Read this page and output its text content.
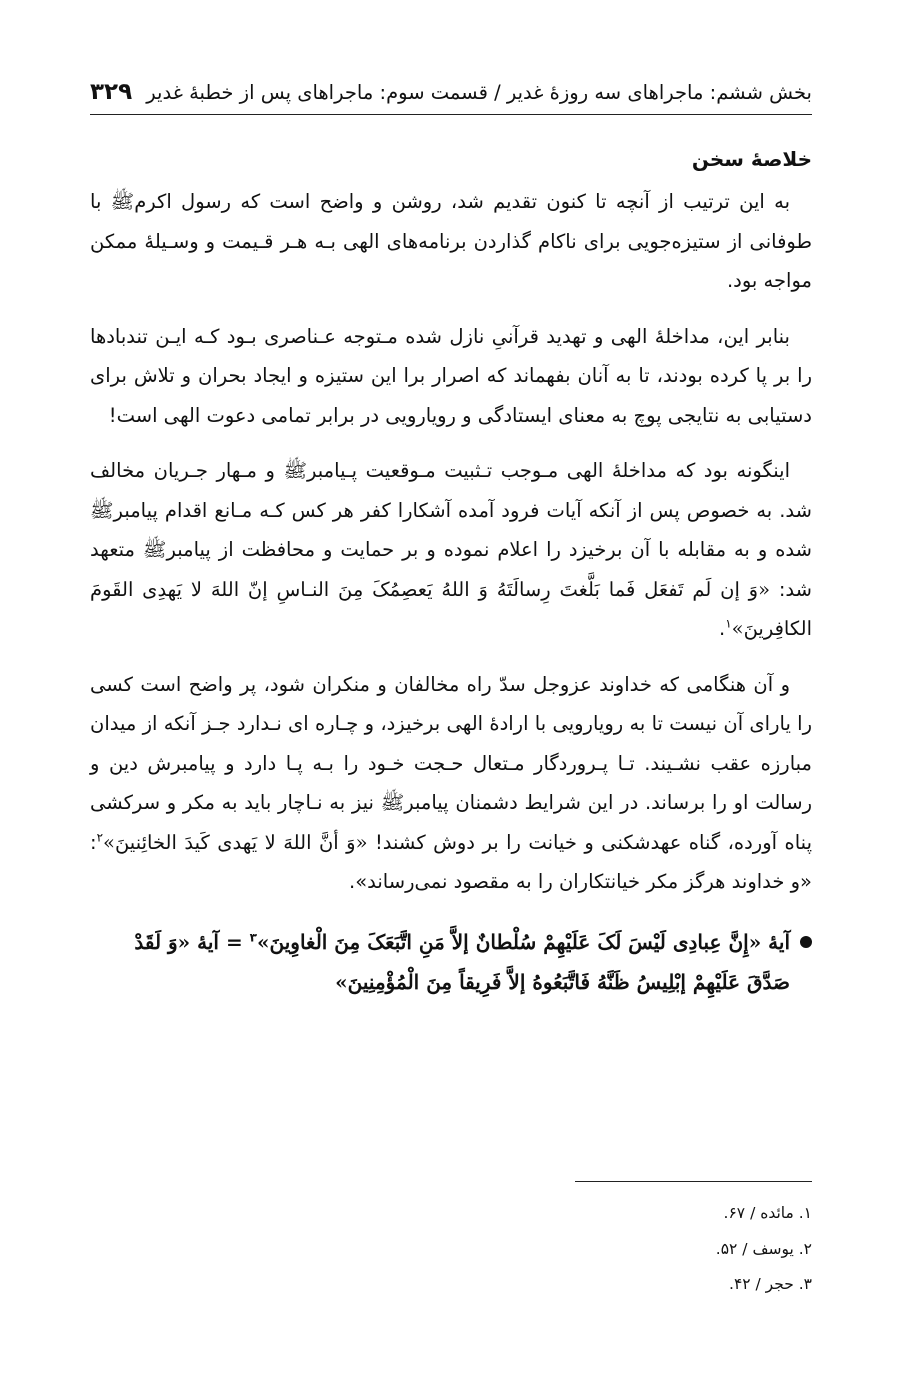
بخش ششم: ماجراهای سه روزهٔ غدیر / قسمت سوم: ماجراهای پس از خطبهٔ غدیر
۳۲۹
خلاصهٔ سخن

به این ترتیب از آنچه تا کنون تقدیم شد، روشن و واضح است که رسول اکرمﷺ با طوفانی از ستیزه‌جویی برای ناکام گذاردن برنامه‌های الهی بـه هـر قـیمت و وسـیلهٔ ممکن مواجه بود.

بنابر این، مداخلهٔ الهی و تهدید قرآنیِ نازل شده مـتوجه عـناصری بـود کـه ایـن تندبادها را بر پا کرده بودند، تا به آنان بفهماند که اصرار برا این ستیزه و ایجاد بحران و تلاش برای دستیابی به نتایجی پوچ به معنای ایستادگی و رویارویی در برابر تمامی دعوت الهی است!

اینگونه بود که مداخلهٔ الهی مـوجب تـثبیت مـوقعیت پـیامبرﷺ و مـهار جـریان مخالف شد. به خصوص پس از آنکه آیات فرود آمده آشکارا کفر هر کس کـه مـانع اقدام پیامبرﷺ شده و به مقابله با آن برخیزد را اعلام نموده و بر حمایت و محافظت از پیامبرﷺ متعهد شد: «وَ إن لَم تَفعَل فَما بَلَّغتَ رِسالَتَهُ وَ اللهُ یَعصِمُکَ مِنَ النـاسِ إنّ اللهَ لا یَهدِی القَومَ الکافِرینَ»$^۱$.

و آن هنگامی که خداوند عزوجل سدّ راه مخالفان و منکران شود، پر واضح است کسی را یارای آن نیست تا به رویارویی با ارادهٔ الهی برخیزد، و چـاره ای نـدارد جـز آنکه از میدان مبارزه عقب نشـیند. تـا پـروردگار مـتعال حـجت خـود را بـه پـا دارد و پیامبرش دین و رسالت او را برساند. در این شرایط دشمنان پیامبرﷺ نیز به نـاچار باید به مکر و سرکشی پناه آورده، گناه عهدشکنی و خیانت را بر دوش کشند! «وَ أنَّ اللهَ لا یَهدی کَیدَ الخائِنینَ»$^۲$: «و خداوند هرگز مکر خیانتکاران را به مقصود نمی‌رساند».

آیهٔ «إِنَّ عِبادِی لَیْسَ لَکَ عَلَیْهِمْ سُلْطانٌ إلاَّ مَنِ اتَّبَعَکَ مِنَ الْغاوِینَ»$^۳$ = آیهٔ «وَ لَقَدْ صَدَّقَ عَلَیْهِمْ إبْلِیسُ ظَنَّهُ فَاتَّبَعُوهُ إلاَّ فَرِیقاً مِنَ الْمُؤْمِنِینَ»
۱. مائده / ۶۷.
۲. یوسف / ۵۲.
۳. حجر / ۴۲.
